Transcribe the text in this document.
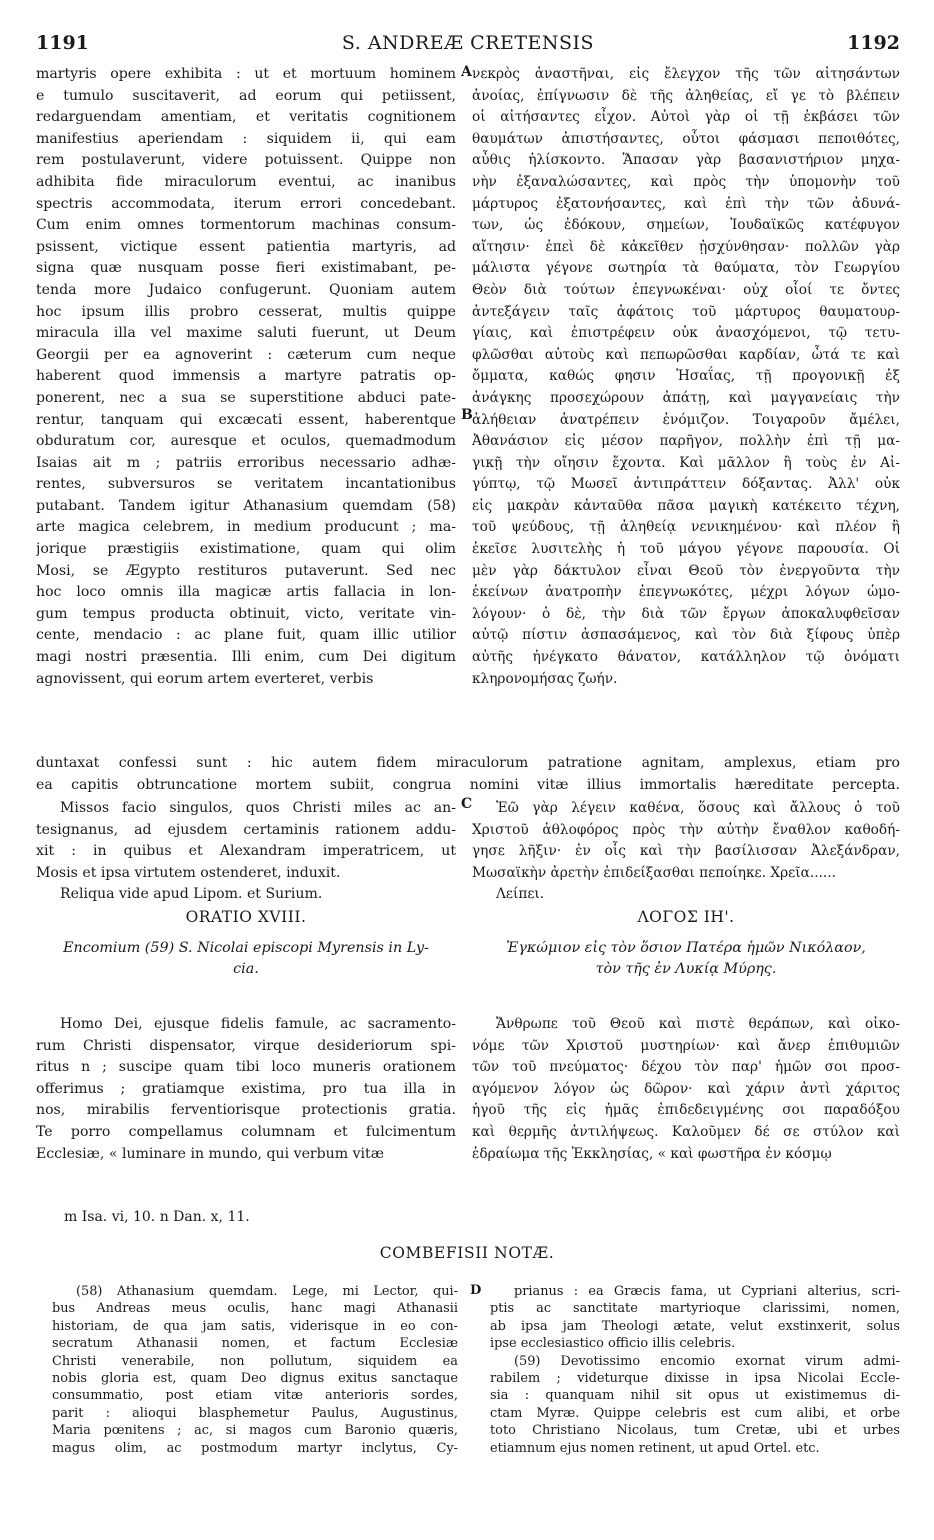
1191	S. ANDREÆ CRETENSIS	1192
martyris opere exhibita : ut et mortuum hominem
e tumulo suscitaverit, ad eorum qui petiissent,
redarguendam amentiam, et veritatis cognitionem
manifestius aperiendam : siquidem ii, qui eam
rem postulaverunt, videre potuissent. Quippe non
adhibita fide miraculorum eventui, ac inanibus
spectris accommodata, iterum errori concedebant.
Cum enim omnes tormentorum machinas consum-
psissent, victique essent patientia martyris, ad
signa quæ nusquam posse fieri existimabant, pe-
tenda more Judaico confugerunt. Quoniam autem
hoc ipsum illis probro cesserat, multis quippe
miracula illa vel maxime saluti fuerunt, ut Deum
Georgii per ea agnoverint : cæterum cum neque
haberent quod immensis a martyre patratis op-
ponerent, nec a sua se superstitione abduci pate-
rentur, tanquam qui excæcati essent, haberentque
obduratum cor, auresque et oculos, quemadmodum
Isaias ait m ; patriis erroribus necessario adhæ-
rentes, subversuros se veritatem incantationibus
putabant. Tandem igitur Athanasium quemdam (58)
arte magica celebrem, in medium producunt ; ma-
jorique præstigiis existimatione, quam qui olim
Mosi, se Ægypto restituros putaverunt. Sed nec
hoc loco omnis illa magicæ artis fallacia in lon-
gum tempus producta obtinuit, victo, veritate vin-
cente, mendacio : ac plane fuit, quam illic utilior
magi nostri præsentia. Illi enim, cum Dei digitum
agnovissent, qui eorum artem everteret, verbis
νεκρὸς ἀναστῆναι, εἰς ἔλεγχον τῆς τῶν αἰτησάντων
ἀνοίας, ἐπίγνωσιν δὲ τῆς ἀληθείας, εἴ γε τὸ βλέπειν
οἱ αἰτήσαντες εἶχον. Αὐτοὶ γὰρ οἱ τῇ ἐκβάσει τῶν
θαυμάτων ἀπιστήσαντες, οὗτοι φάσμασι πεποιθότες,
αὖθις ἡλίσκοντο. Ἅπασαν γὰρ βασανιστήριον μηχα-
νὴν ἐξαναλώσαντες, καὶ πρὸς τὴν ὑπομονὴν τοῦ
μάρτυρος ἐξατονήσαντες, καὶ ἐπὶ τὴν τῶν ἀδυνά-
των, ὡς ἐδόκουν, σημείων, Ἰουδαϊκῶς κατέφυγον
αἴτησιν· ἐπεὶ δὲ κἀκεῖθεν ᾐσχύνθησαν· πολλῶν γὰρ
μάλιστα γέγονε σωτηρία τὰ θαύματα, τὸν Γεωργίου
Θεὸν διὰ τούτων ἐπεγνωκέναι· οὐχ οἷοί τε ὄντες
ἀντεξάγειν ταῖς ἀφάτοις τοῦ μάρτυρος θαυματουρ-
γίαις, καὶ ἐπιστρέφειν οὐκ ἀνασχόμενοι, τῷ τετυ-
φλῶσθαι αὐτοὺς καὶ πεπωρῶσθαι καρδίαν, ὦτά τε καὶ
ὄμματα, καθώς φησιν Ἡσαΐας, τῇ προγονικῇ ἐξ
ἀνάγκης προσεχώρουν ἀπάτῃ, καὶ μαγγανείαις τὴν
ἀλήθειαν ἀνατρέπειν ἐνόμιζον. Τοιγαροῦν ἄμέλει,
Ἀθανάσιον εἰς μέσον παρῆγον, πολλὴν ἐπὶ τῇ μα-
γικῇ τὴν οἴησιν ἔχοντα. Καὶ μᾶλλον ἢ τοὺς ἐν Αἰ-
γύπτῳ, τῷ Μωσεῖ ἀντιπράττειν δόξαντας. Ἀλλ' οὐκ
εἰς μακρὰν κἀνταῦθα πᾶσα μαγικὴ κατέκειτο τέχνη,
τοῦ ψεύδους, τῇ ἀληθείᾳ νενικημένου· καὶ πλέον ἢ
ἐκεῖσε λυσιτελὴς ἡ τοῦ μάγου γέγονε παρουσία. Οἱ
μὲν γὰρ δάκτυλον εἶναι Θεοῦ τὸν ἐνεργοῦντα τὴν
ἐκείνων ἀνατροπὴν ἐπεγνωκότες, μέχρι λόγων ὡμο-
λόγουν· ὁ δὲ, τὴν διὰ τῶν ἔργων ἀποκαλυφθεῖσαν
αὐτῷ πίστιν ἀσπασάμενος, καὶ τὸν διὰ ξίφους ὑπὲρ
αὐτῆς ἠνέγκατο θάνατον, κατάλληλον τῷ ὀνόματι
κληρονομήσας ζωήν.
A
B
C
duntaxat confessi sunt : hic autem fidem miraculorum patratione agnitam, amplexus, etiam pro
ea capitis obtruncatione mortem subiit, congrua nomini vitæ illius immortalis hæreditate percepta.
Missos facio singulos, quos Christi miles ac an-
tesignanus, ad ejusdem certaminis rationem addu-
xit : in quibus et Alexandram imperatricem, ut
Mosis et ipsa virtutem ostenderet, induxit.
Reliqua vide apud Lipom. et Surium.
Ἐῶ γὰρ λέγειν καθένα, ὅσους καὶ ἄλλους ὁ τοῦ
Χριστοῦ ἀθλοφόρος πρὸς τὴν αὐτὴν ἔναθλον καθοδή-
γησε λῆξιν· ἐν οἷς καὶ τὴν βασίλισσαν Ἀλεξάνδραν,
Μωσαϊκὴν ἀρετὴν ἐπιδείξασθαι πεποίηκε. Χρεῖα......
Λείπει.
ORATIO XVIII.	ΛΟΓΟΣ ΙΗ'.
Encomium (59) S. Nicolai episcopi Myrensis in Ly-
cia.
Ἐγκώμιον εἰς τὸν ὅσιον Πατέρα ἡμῶν Νικόλαον,
τὸν τῆς ἐν Λυκίᾳ Μύρης.
Homo Dei, ejusque fidelis famule, ac sacramento-
rum Christi dispensator, virque desideriorum spi-
ritus n ; suscipe quam tibi loco muneris orationem
offerimus ; gratiamque existima, pro tua illa in
nos, mirabilis ferventiorisque protectionis gratia.
Te porro compellamus columnam et fulcimentum
Ecclesiæ, « luminare in mundo, qui verbum vitæ
Ἄνθρωπε τοῦ Θεοῦ καὶ πιστὲ θεράπων, καὶ οἰκο-
νόμε τῶν Χριστοῦ μυστηρίων· καὶ ἄνερ ἐπιθυμιῶν
τῶν τοῦ πνεύματος· δέχου τὸν παρ' ἡμῶν σοι προσ-
αγόμενον λόγον ὡς δῶρον· καὶ χάριν ἀντὶ χάριτος
ἡγοῦ τῆς εἰς ἡμᾶς ἐπιδεδειγμένης σοι παραδόξου
καὶ θερμῆς ἀντιλήψεως. Καλοῦμεν δέ σε στύλον καὶ
ἑδραίωμα τῆς Ἐκκλησίας, « καὶ φωστῆρα ἐν κόσμῳ
m Isa. vi, 10. n Dan. x, 11.
COMBEFISII NOTÆ.
D
(58) Athanasium quemdam. Lege, mi Lector, qui-
bus Andreas meus oculis, hanc magi Athanasii
historiam, de qua jam satis, viderisque in eo con-
secratum Athanasii nomen, et factum Ecclesiæ
Christi venerabile, non pollutum, siquidem ea
nobis gloria est, quam Deo dignus exitus sanctaque
consummatio, post etiam vitæ anterioris sordes,
parit : alioqui blasphemetur Paulus, Augustinus,
Maria pœnitens ; ac, si magos cum Baronio quæris,
magus olim, ac postmodum martyr inclytus, Cy-
prianus : ea Græcis fama, ut Cypriani alterius, scri-
ptis ac sanctitate martyrioque clarissimi, nomen,
ab ipsa jam Theologi ætate, velut exstinxerit, solus
ipse ecclesiastico officio illis celebris.
(59) Devotissimo encomio exornat virum admi-
rabilem ; videturque dixisse in ipsa Nicolai Eccle-
sia : quanquam nihil sit opus ut existimemus di-
ctam Myræ. Quippe celebris est cum alibi, et orbe
toto Christiano Nicolaus, tum Cretæ, ubi et urbes
etiamnum ejus nomen retinent, ut apud Ortel. etc.
